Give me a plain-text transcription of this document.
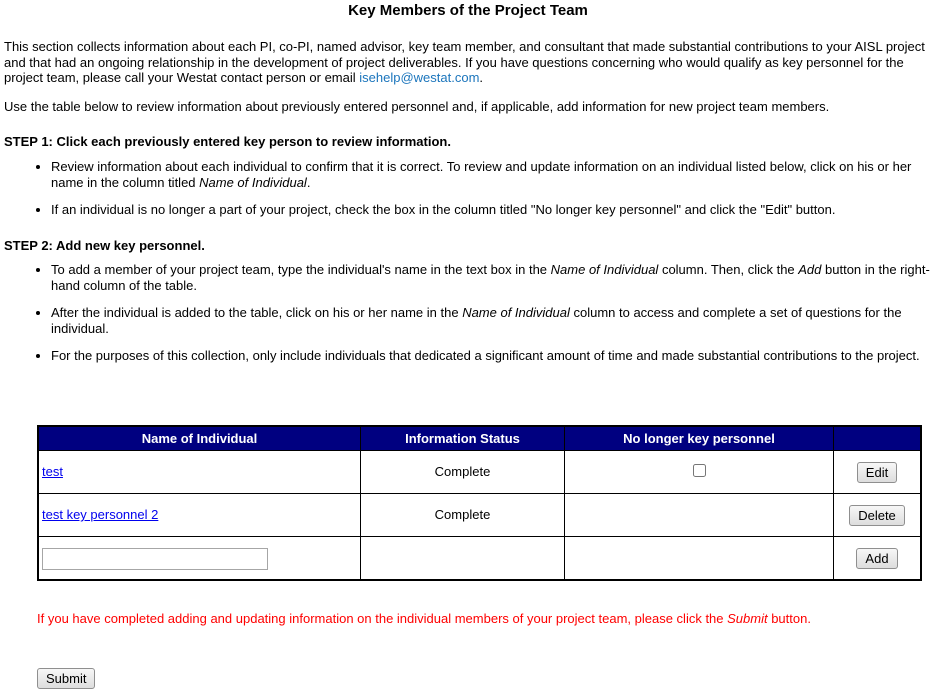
Key Members of the Project Team

This section collects information about each PI, co-PI, named advisor, key team member, and consultant that made substantial contributions to your AISL project and that had an ongoing relationship in the development of project deliverables. If you have questions concerning who would qualify as key personnel for the project team, please call your Westat contact person or email isehelp@westat.com.

Use the table below to review information about previously entered personnel and, if applicable, add information for new project team members.

STEP 1: Click each previously entered key person to review information.
• Review information about each individual to confirm that it is correct. To review and update information on an individual listed below, click on his or her name in the column titled Name of Individual.
• If an individual is no longer a part of your project, check the box in the column titled "No longer key personnel" and click the "Edit" button.
STEP 2: Add new key personnel.
• To add a member of your project team, type the individual's name in the text box in the Name of Individual column. Then, click the Add button in the right-hand column of the table.
• After the individual is added to the table, click on his or her name in the Name of Individual column to access and complete a set of questions for the individual.
• For the purposes of this collection, only include individuals that dedicated a significant amount of time and made substantial contributions to the project.
Name of Individual	Information Status	No longer key personnel	
test	Complete		Edit
test key personnel 2	Complete		Delete
			Add
If you have completed adding and updating information on the individual members of your project team, please click the Submit button.
Submit
